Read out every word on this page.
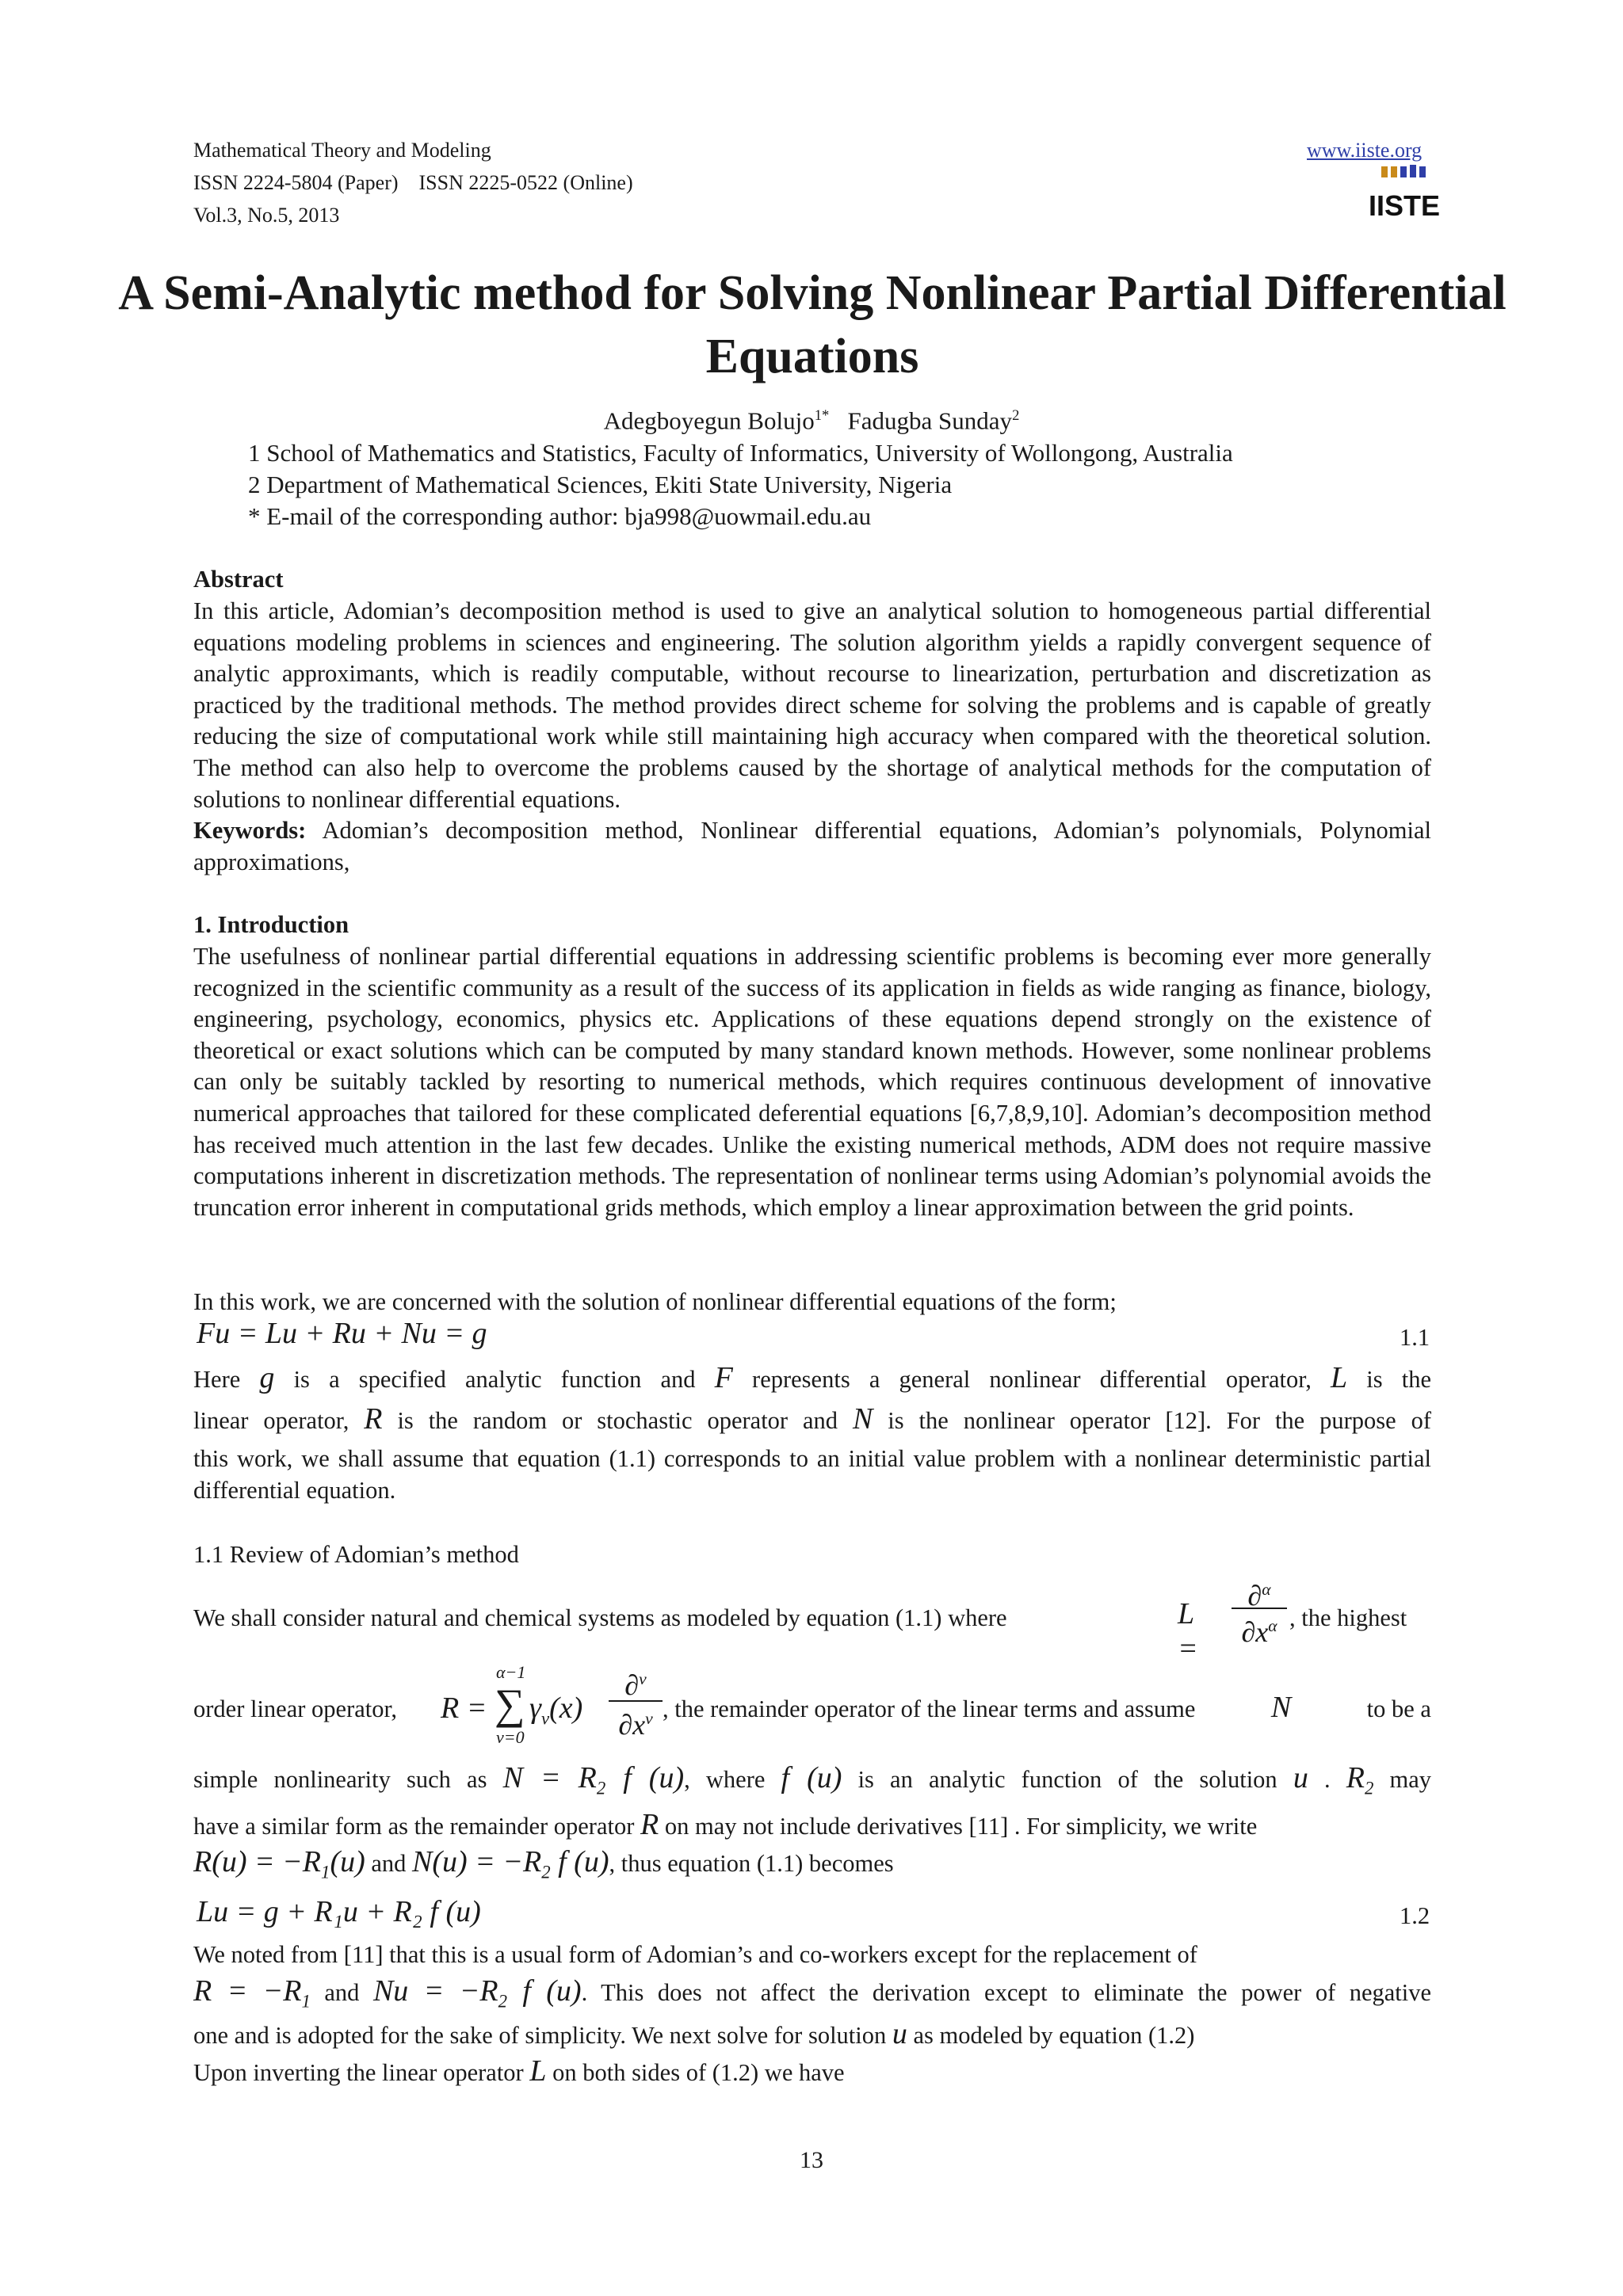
Mathematical Theory and Modeling
ISSN 2224-5804 (Paper)    ISSN 2225-0522 (Online)
Vol.3, No.5, 2013
www.iiste.org
IISTE
A Semi-Analytic method for Solving Nonlinear Partial Differential Equations
Adegboyegun Bolujo$^{1*}$ Fadugba Sunday$^2$
1 School of Mathematics and Statistics, Faculty of Informatics, University of Wollongong, Australia
2 Department of Mathematical Sciences, Ekiti State University, Nigeria
* E-mail of the corresponding author: bja998@uowmail.edu.au
Abstract
In this article, Adomian’s decomposition method is used to give an analytical solution to homogeneous partial differential equations modeling problems in sciences and engineering. The solution algorithm yields a rapidly convergent sequence of analytic approximants, which is readily computable, without recourse to linearization, perturbation and discretization as practiced by the traditional methods. The method provides direct scheme for solving the problems and is capable of greatly reducing the size of computational work while still maintaining high accuracy when compared with the theoretical solution. The method can also help to overcome the problems caused by the shortage of analytical methods for the computation of solutions to nonlinear differential equations.
Keywords: Adomian’s decomposition method, Nonlinear differential equations, Adomian’s polynomials, Polynomial approximations,
1. Introduction
The usefulness of nonlinear partial differential equations in addressing scientific problems is becoming ever more generally recognized in the scientific community as a result of the success of its application in fields as wide ranging as finance, biology, engineering, psychology, economics, physics etc. Applications of these equations depend strongly on the existence of theoretical or exact solutions which can be computed by many standard known methods. However, some nonlinear problems can only be suitably tackled by resorting to numerical methods, which requires continuous development of innovative numerical approaches that tailored for these complicated deferential equations [6,7,8,9,10]. Adomian’s decomposition method has received much attention in the last few decades. Unlike the existing numerical methods, ADM does not require massive computations inherent in discretization methods. The representation of nonlinear terms using Adomian’s polynomial avoids the truncation error inherent in computational grids methods, which employ a linear approximation between the grid points.
In this work, we are concerned with the solution of nonlinear differential equations of the form;
Fu = Lu + Ru + Nu = g	1.1
Here g is a specified analytic function and F represents a general nonlinear differential operator, L is the
linear operator, R is the random or stochastic operator and N is the nonlinear operator [12]. For the purpose of
this work, we shall assume that equation (1.1) corresponds to an initial value problem with a nonlinear deterministic partial differential equation.
1.1 Review of Adomian’s method
We shall consider natural and chemical systems as modeled by equation (1.1) where	L =
∂$^\alpha$
$\partial x^\alpha$ , the highest
order linear operator,	R =
α−1
∑
v=0
$\gamma_v(x)$
∂$^v$
$\partial x^v$ , the remainder operator of the linear terms and assume	N	to be a
simple nonlinearity such as $N = R_2$ f (u), where f (u) is an analytic function of the solution u . $R_2$ may
have a similar form as the remainder operator R on may not include derivatives [11] . For simplicity, we write
$R(u) = -R_1(u)$ and $N(u) = -R_2$ f (u), thus equation (1.1) becomes
Lu = g + R₁u + R₂ f (u)	1.2
We noted from [11] that this is a usual form of Adomian’s and co-workers except for the replacement of
$R = -R_1$ and $Nu = -R_2$ f (u). This does not affect the derivation except to eliminate the power of negative
one and is adopted for the sake of simplicity. We next solve for solution u as modeled by equation (1.2)
Upon inverting the linear operator L on both sides of (1.2) we have
13
